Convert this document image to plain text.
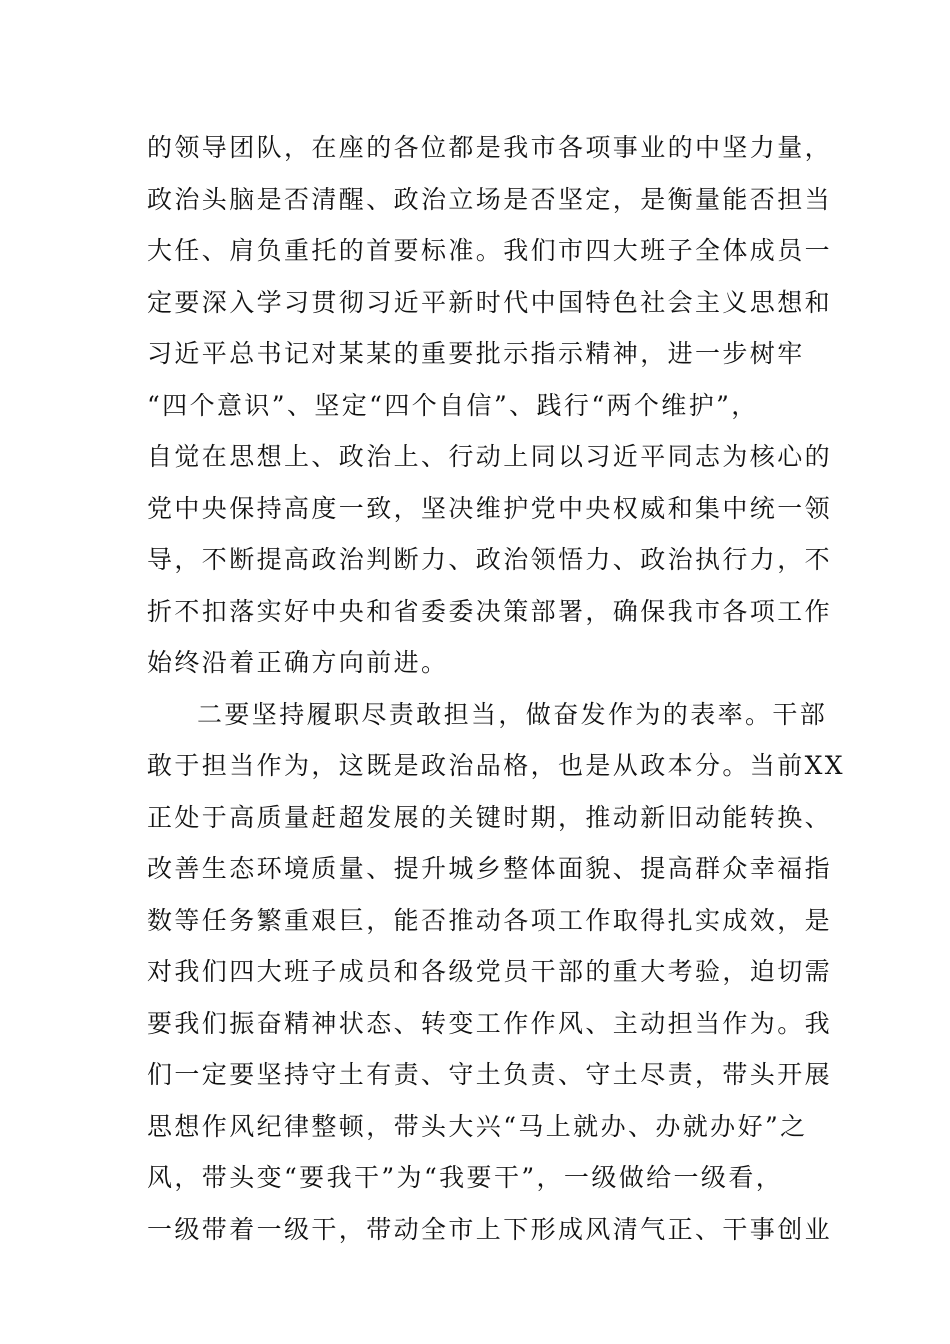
的领导团队，在座的各位都是我市各项事业的中坚力量，
政治头脑是否清醒、政治立场是否坚定，是衡量能否担当
大任、肩负重托的首要标准。我们市四大班子全体成员一
定要深入学习贯彻习近平新时代中国特色社会主义思想和
习近平总书记对某某的重要批示指示精神，进一步树牢
“四个意识”、坚定“四个自信”、践行“两个维护”，
自觉在思想上、政治上、行动上同以习近平同志为核心的
党中央保持高度一致，坚决维护党中央权威和集中统一领
导，不断提高政治判断力、政治领悟力、政治执行力，不
折不扣落实好中央和省委委决策部署，确保我市各项工作
始终沿着正确方向前进。
二要坚持履职尽责敢担当，做奋发作为的表率。干部
敢于担当作为，这既是政治品格，也是从政本分。当前XX
正处于高质量赶超发展的关键时期，推动新旧动能转换、
改善生态环境质量、提升城乡整体面貌、提高群众幸福指
数等任务繁重艰巨，能否推动各项工作取得扎实成效，是
对我们四大班子成员和各级党员干部的重大考验，迫切需
要我们振奋精神状态、转变工作作风、主动担当作为。我
们一定要坚持守土有责、守土负责、守土尽责，带头开展
思想作风纪律整顿，带头大兴“马上就办、办就办好”之
风，带头变“要我干”为“我要干”，一级做给一级看，
一级带着一级干，带动全市上下形成风清气正、干事创业
